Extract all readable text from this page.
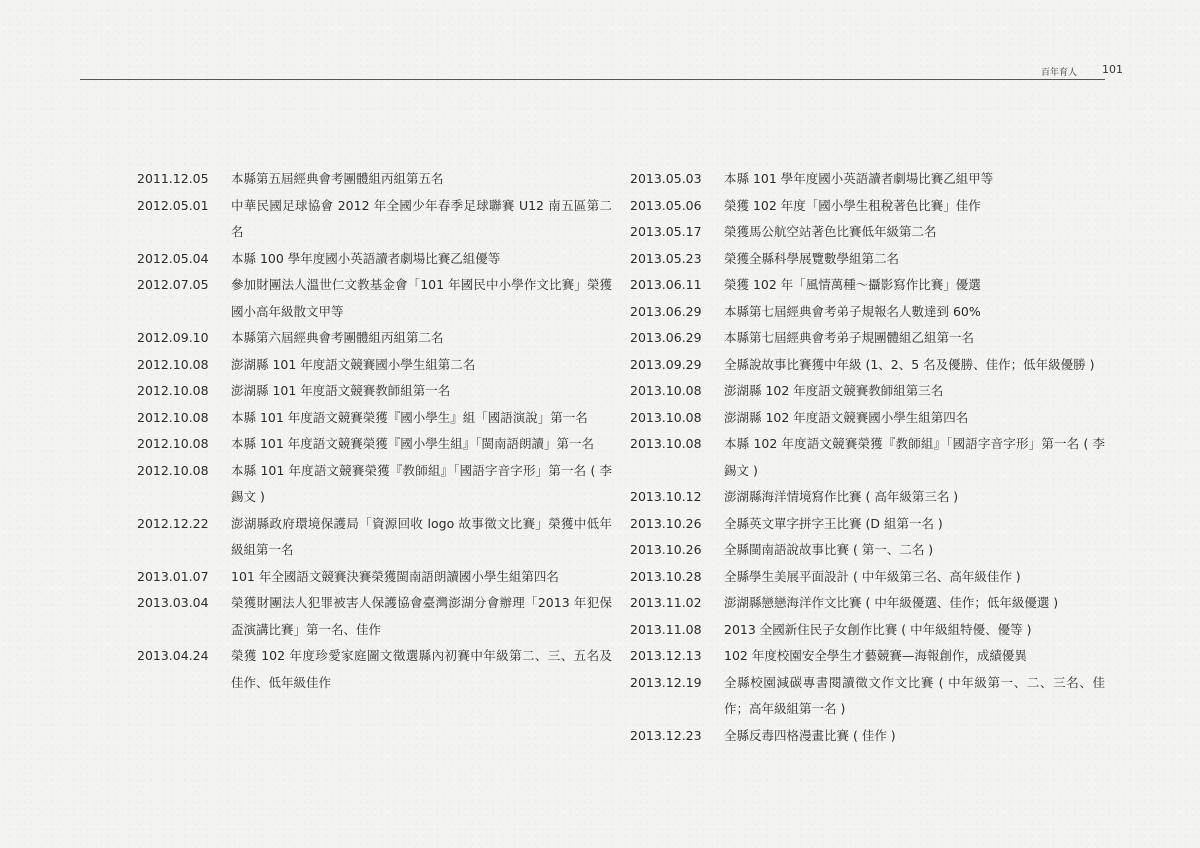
百年育人 101
2011.12.05	本縣第五屆經典會考團體組丙組第五名
2012.05.01	中華民國足球協會 2012 年全國少年春季足球聯賽 U12 南五區第二名
2012.05.04	本縣 100 學年度國小英語讀者劇場比賽乙組優等
2012.07.05	參加財團法人溫世仁文教基金會「101 年國民中小學作文比賽」榮獲國小高年級散文甲等
2012.09.10	本縣第六屆經典會考團體組丙組第二名
2012.10.08	澎湖縣 101 年度語文競賽國小學生組第二名
2012.10.08	澎湖縣 101 年度語文競賽教師組第一名
2012.10.08	本縣 101 年度語文競賽榮獲『國小學生』組「國語演說」第一名
2012.10.08	本縣 101 年度語文競賽榮獲『國小學生組』「閩南語朗讀」第一名
2012.10.08	本縣 101 年度語文競賽榮獲『教師組』「國語字音字形」第一名 ( 李錫文 )
2012.12.22	澎湖縣政府環境保護局「資源回收 logo 故事徵文比賽」榮獲中低年級組第一名
2013.01.07	101 年全國語文競賽決賽榮獲閩南語朗讀國小學生組第四名
2013.03.04	榮獲財團法人犯罪被害人保護協會臺灣澎湖分會辦理「2013 年犯保盃演講比賽」第一名、佳作
2013.04.24	榮獲 102 年度珍愛家庭圖文徵選縣內初賽中年級第二、三、五名及佳作、低年級佳作
2013.05.03	本縣 101 學年度國小英語讀者劇場比賽乙組甲等
2013.05.06	榮獲 102 年度「國小學生租稅著色比賽」佳作
2013.05.17	榮獲馬公航空站著色比賽低年級第二名
2013.05.23	榮獲全縣科學展覽數學組第二名
2013.06.11	榮獲 102 年「風情萬種～攝影寫作比賽」優選
2013.06.29	本縣第七屆經典會考弟子規報名人數達到 60%
2013.06.29	本縣第七屆經典會考弟子規團體組乙組第一名
2013.09.29	全縣說故事比賽獲中年級 (1、2、5 名及優勝、佳作；低年級優勝 )
2013.10.08	澎湖縣 102 年度語文競賽教師組第三名
2013.10.08	澎湖縣 102 年度語文競賽國小學生組第四名
2013.10.08	本縣 102 年度語文競賽榮獲『教師組』「國語字音字形」第一名 ( 李錫文 )
2013.10.12	澎湖縣海洋情境寫作比賽 ( 高年級第三名 )
2013.10.26	全縣英文單字拼字王比賽 (D 組第一名 )
2013.10.26	全縣閩南語說故事比賽 ( 第一、二名 )
2013.10.28	全縣學生美展平面設計 ( 中年級第三名、高年級佳作 )
2013.11.02	澎湖縣戀戀海洋作文比賽 ( 中年級優選、佳作；低年級優選 )
2013.11.08	2013 全國新住民子女創作比賽 ( 中年級組特優、優等 )
2013.12.13	102 年度校園安全學生才藝競賽—海報創作，成績優異
2013.12.19	全縣校園減碳專書閱讀徵文作文比賽 ( 中年級第一、二、三名、佳作；高年級組第一名 )
2013.12.23	全縣反毒四格漫畫比賽 ( 佳作 )
